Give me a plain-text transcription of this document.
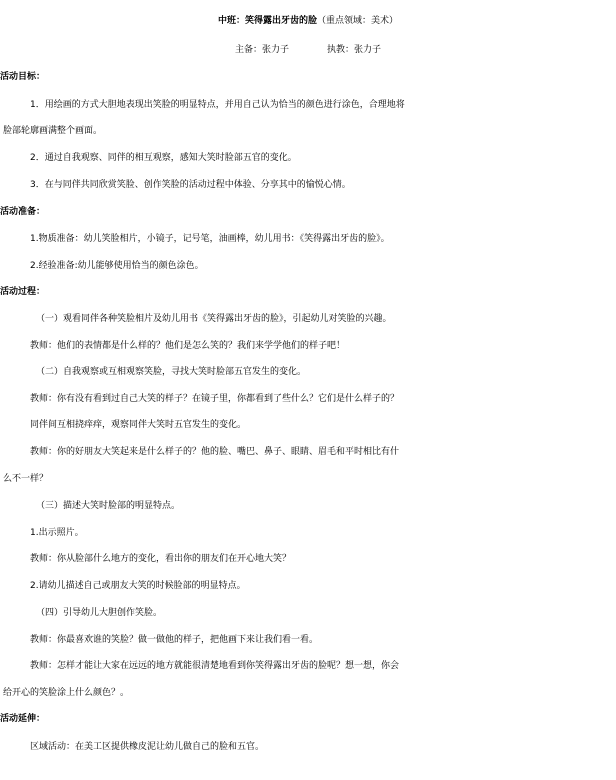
中班：笑得露出牙齿的脸（重点领域：美术）
主备：张力子	执教：张力子
活动目标：
1．用绘画的方式大胆地表现出笑脸的明显特点，并用自己认为恰当的颜色进行涂色，合理地将
脸部轮廓画满整个画面。
2．通过自我观察、同伴的相互观察，感知大笑时脸部五官的变化。
3．在与同伴共同欣赏笑脸、创作笑脸的活动过程中体验、分享其中的愉悦心情。
活动准备：
1.物质准备：幼儿笑脸相片，小镜子，记号笔，油画棒，幼儿用书：《笑得露出牙齿的脸》。
2.经验准备:幼儿能够使用恰当的颜色涂色。
活动过程：
（一）观看同伴各种笑脸相片及幼儿用书《笑得露出牙齿的脸》，引起幼儿对笑脸的兴趣。
教师：他们的表情都是什么样的？他们是怎么笑的？我们来学学他们的样子吧！
（二）自我观察或互相观察笑脸，寻找大笑时脸部五官发生的变化。
教师：你有没有看到过自己大笑的样子？在镜子里，你都看到了些什么？它们是什么样子的？
同伴间互相挠痒痒，观察同伴大笑时五官发生的变化。
教师：你的好朋友大笑起来是什么样子的？他的脸、嘴巴、鼻子、眼睛、眉毛和平时相比有什
么不一样？
（三）描述大笑时脸部的明显特点。
1.出示照片。
教师：你从脸部什么地方的变化，看出你的朋友们在开心地大笑？
2.请幼儿描述自己或朋友大笑的时候脸部的明显特点。
（四）引导幼儿大胆创作笑脸。
教师：你最喜欢谁的笑脸？做一做他的样子，把他画下来让我们看一看。
教师：怎样才能让大家在远远的地方就能很清楚地看到你笑得露出牙齿的脸呢？想一想，你会
给开心的笑脸涂上什么颜色？。
活动延伸：
区域活动：在美工区提供橡皮泥让幼儿做自己的脸和五官。
